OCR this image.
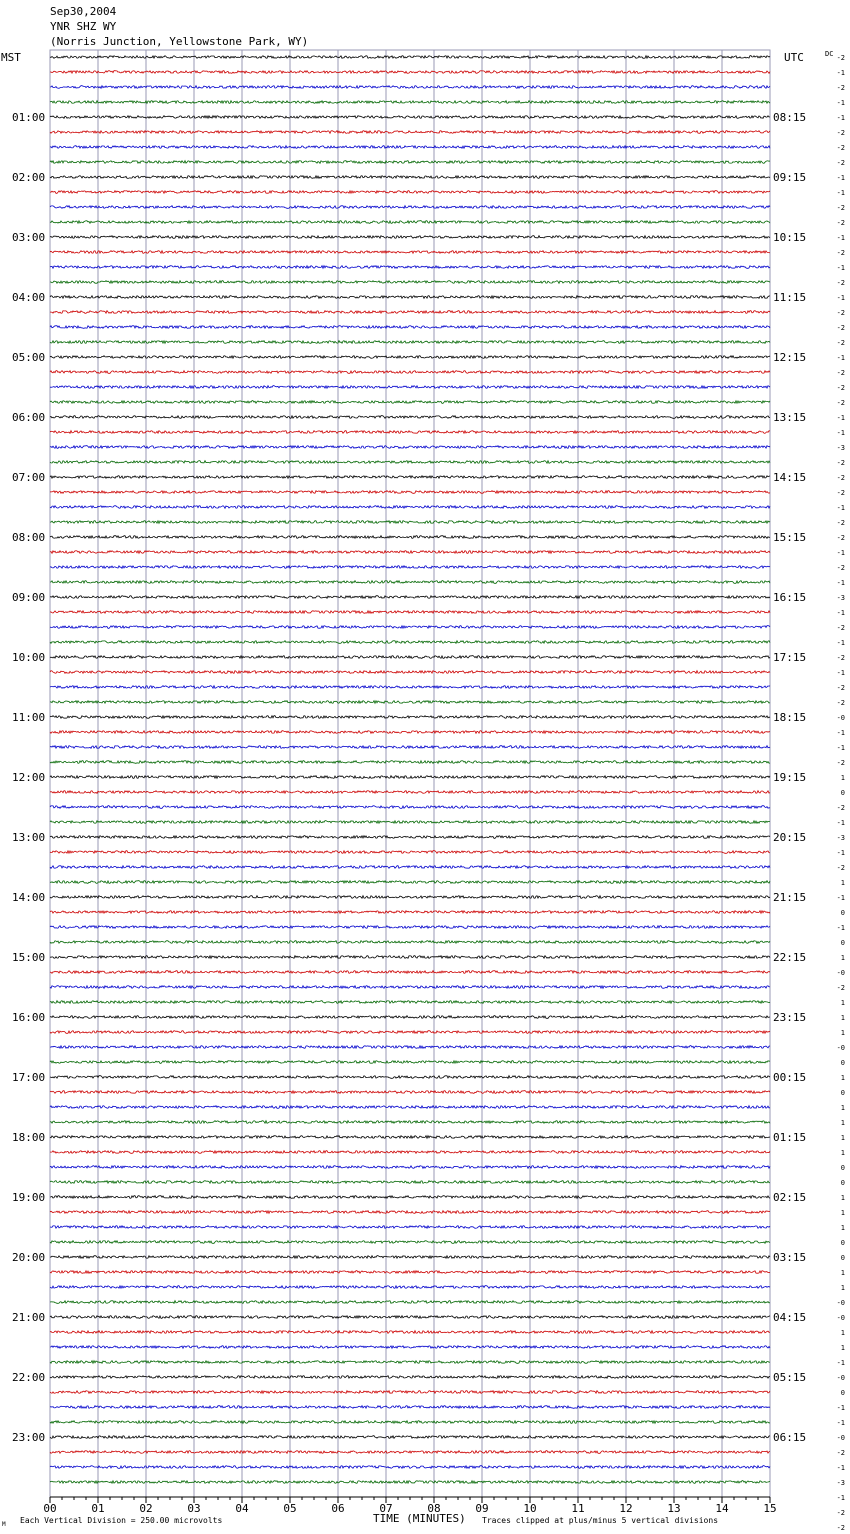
Sep30,2004
YNR SHZ WY
(Norris Junction, Yellowstone Park, WY)
01:00
02:00
03:00
04:00
05:00
06:00
07:00
08:00
09:00
10:00
11:00
12:00
13:00
14:00
15:00
16:00
17:00
18:00
19:00
20:00
21:00
22:00
23:00
08:15
09:15
10:15
11:15
12:15
13:15
14:15
15:15
16:15
17:15
18:15
19:15
20:15
21:15
22:15
23:15
00:15
01:15
02:15
03:15
04:15
05:15
06:15
-2
-1
-2
-1
-1
-2
-2
-2
-1
-1
-2
-2
-1
-2
-1
-2
-1
-2
-2
-2
-1
-2
-2
-2
-1
-1
-3
-2
-2
-2
-1
-2
-2
-1
-2
-1
-3
-1
-2
-1
-2
-1
-2
-2
-0
-1
-1
-2
1
0
-2
-1
-3
-1
-2
1
-1
0
-1
0
1
-0
-2
1
1
1
-0
0
1
0
1
1
1
1
0
0
1
1
1
0
0
1
1
-0
-0
1
1
-1
-0
0
-1
-1
-0
-2
-1
-3
-1
-2
-2
00	01	02	03	04	05	06	07	08	09	10	11	12	13	14	15
MST	UTC	DC
M Each Vertical Division = 250.00 microvolts	TIME (MINUTES) Traces clipped at plus/minus 5 vertical divisions
